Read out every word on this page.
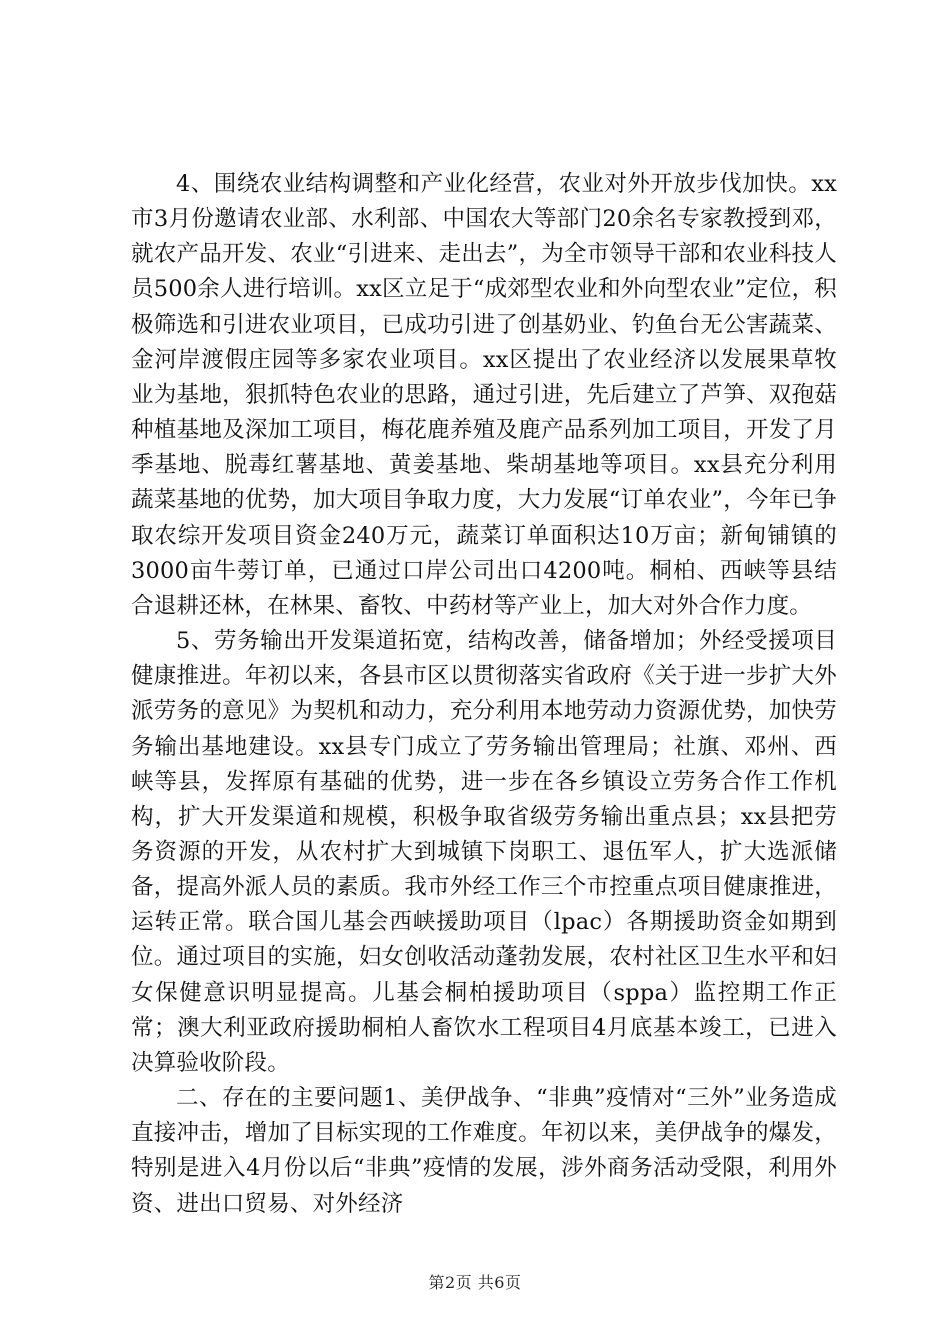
4、围绕农业结构调整和产业化经营，农业对外开放步伐加快。xx市3月份邀请农业部、水利部、中国农大等部门20余名专家教授到邓，就农产品开发、农业“引进来、走出去”，为全市领导干部和农业科技人员500余人进行培训。xx区立足于“成郊型农业和外向型农业”定位，积极筛选和引进农业项目，已成功引进了创基奶业、钓鱼台无公害蔬菜、金河岸渡假庄园等多家农业项目。xx区提出了农业经济以发展果草牧业为基地，狠抓特色农业的思路，通过引进，先后建立了芦笋、双孢菇种植基地及深加工项目，梅花鹿养殖及鹿产品系列加工项目，开发了月季基地、脱毒红薯基地、黄姜基地、柴胡基地等项目。xx县充分利用蔬菜基地的优势，加大项目争取力度，大力发展“订单农业”，今年已争取农综开发项目资金240万元，蔬菜订单面积达10万亩；新甸铺镇的3000亩牛蒡订单，已通过口岸公司出口4200吨。桐柏、西峡等县结合退耕还林，在林果、畜牧、中药材等产业上，加大对外合作力度。

5、劳务输出开发渠道拓宽，结构改善，储备增加；外经受援项目健康推进。年初以来，各县市区以贯彻落实省政府《关于进一步扩大外派劳务的意见》为契机和动力，充分利用本地劳动力资源优势，加快劳务输出基地建设。xx县专门成立了劳务输出管理局；社旗、邓州、西峡等县，发挥原有基础的优势，进一步在各乡镇设立劳务合作工作机构，扩大开发渠道和规模，积极争取省级劳务输出重点县；xx县把劳务资源的开发，从农村扩大到城镇下岗职工、退伍军人，扩大选派储备，提高外派人员的素质。我市外经工作三个市控重点项目健康推进，运转正常。联合国儿基会西峡援助项目（lpac）各期援助资金如期到位。通过项目的实施，妇女创收活动蓬勃发展，农村社区卫生水平和妇女保健意识明显提高。儿基会桐柏援助项目（sppa）监控期工作正常；澳大利亚政府援助桐柏人畜饮水工程项目4月底基本竣工，已进入决算验收阶段。

二、存在的主要问题1、美伊战争、“非典”疫情对“三外”业务造成直接冲击，增加了目标实现的工作难度。年初以来，美伊战争的爆发，特别是进入4月份以后“非典”疫情的发展，涉外商务活动受限，利用外资、进出口贸易、对外经济

第2页 共6页
